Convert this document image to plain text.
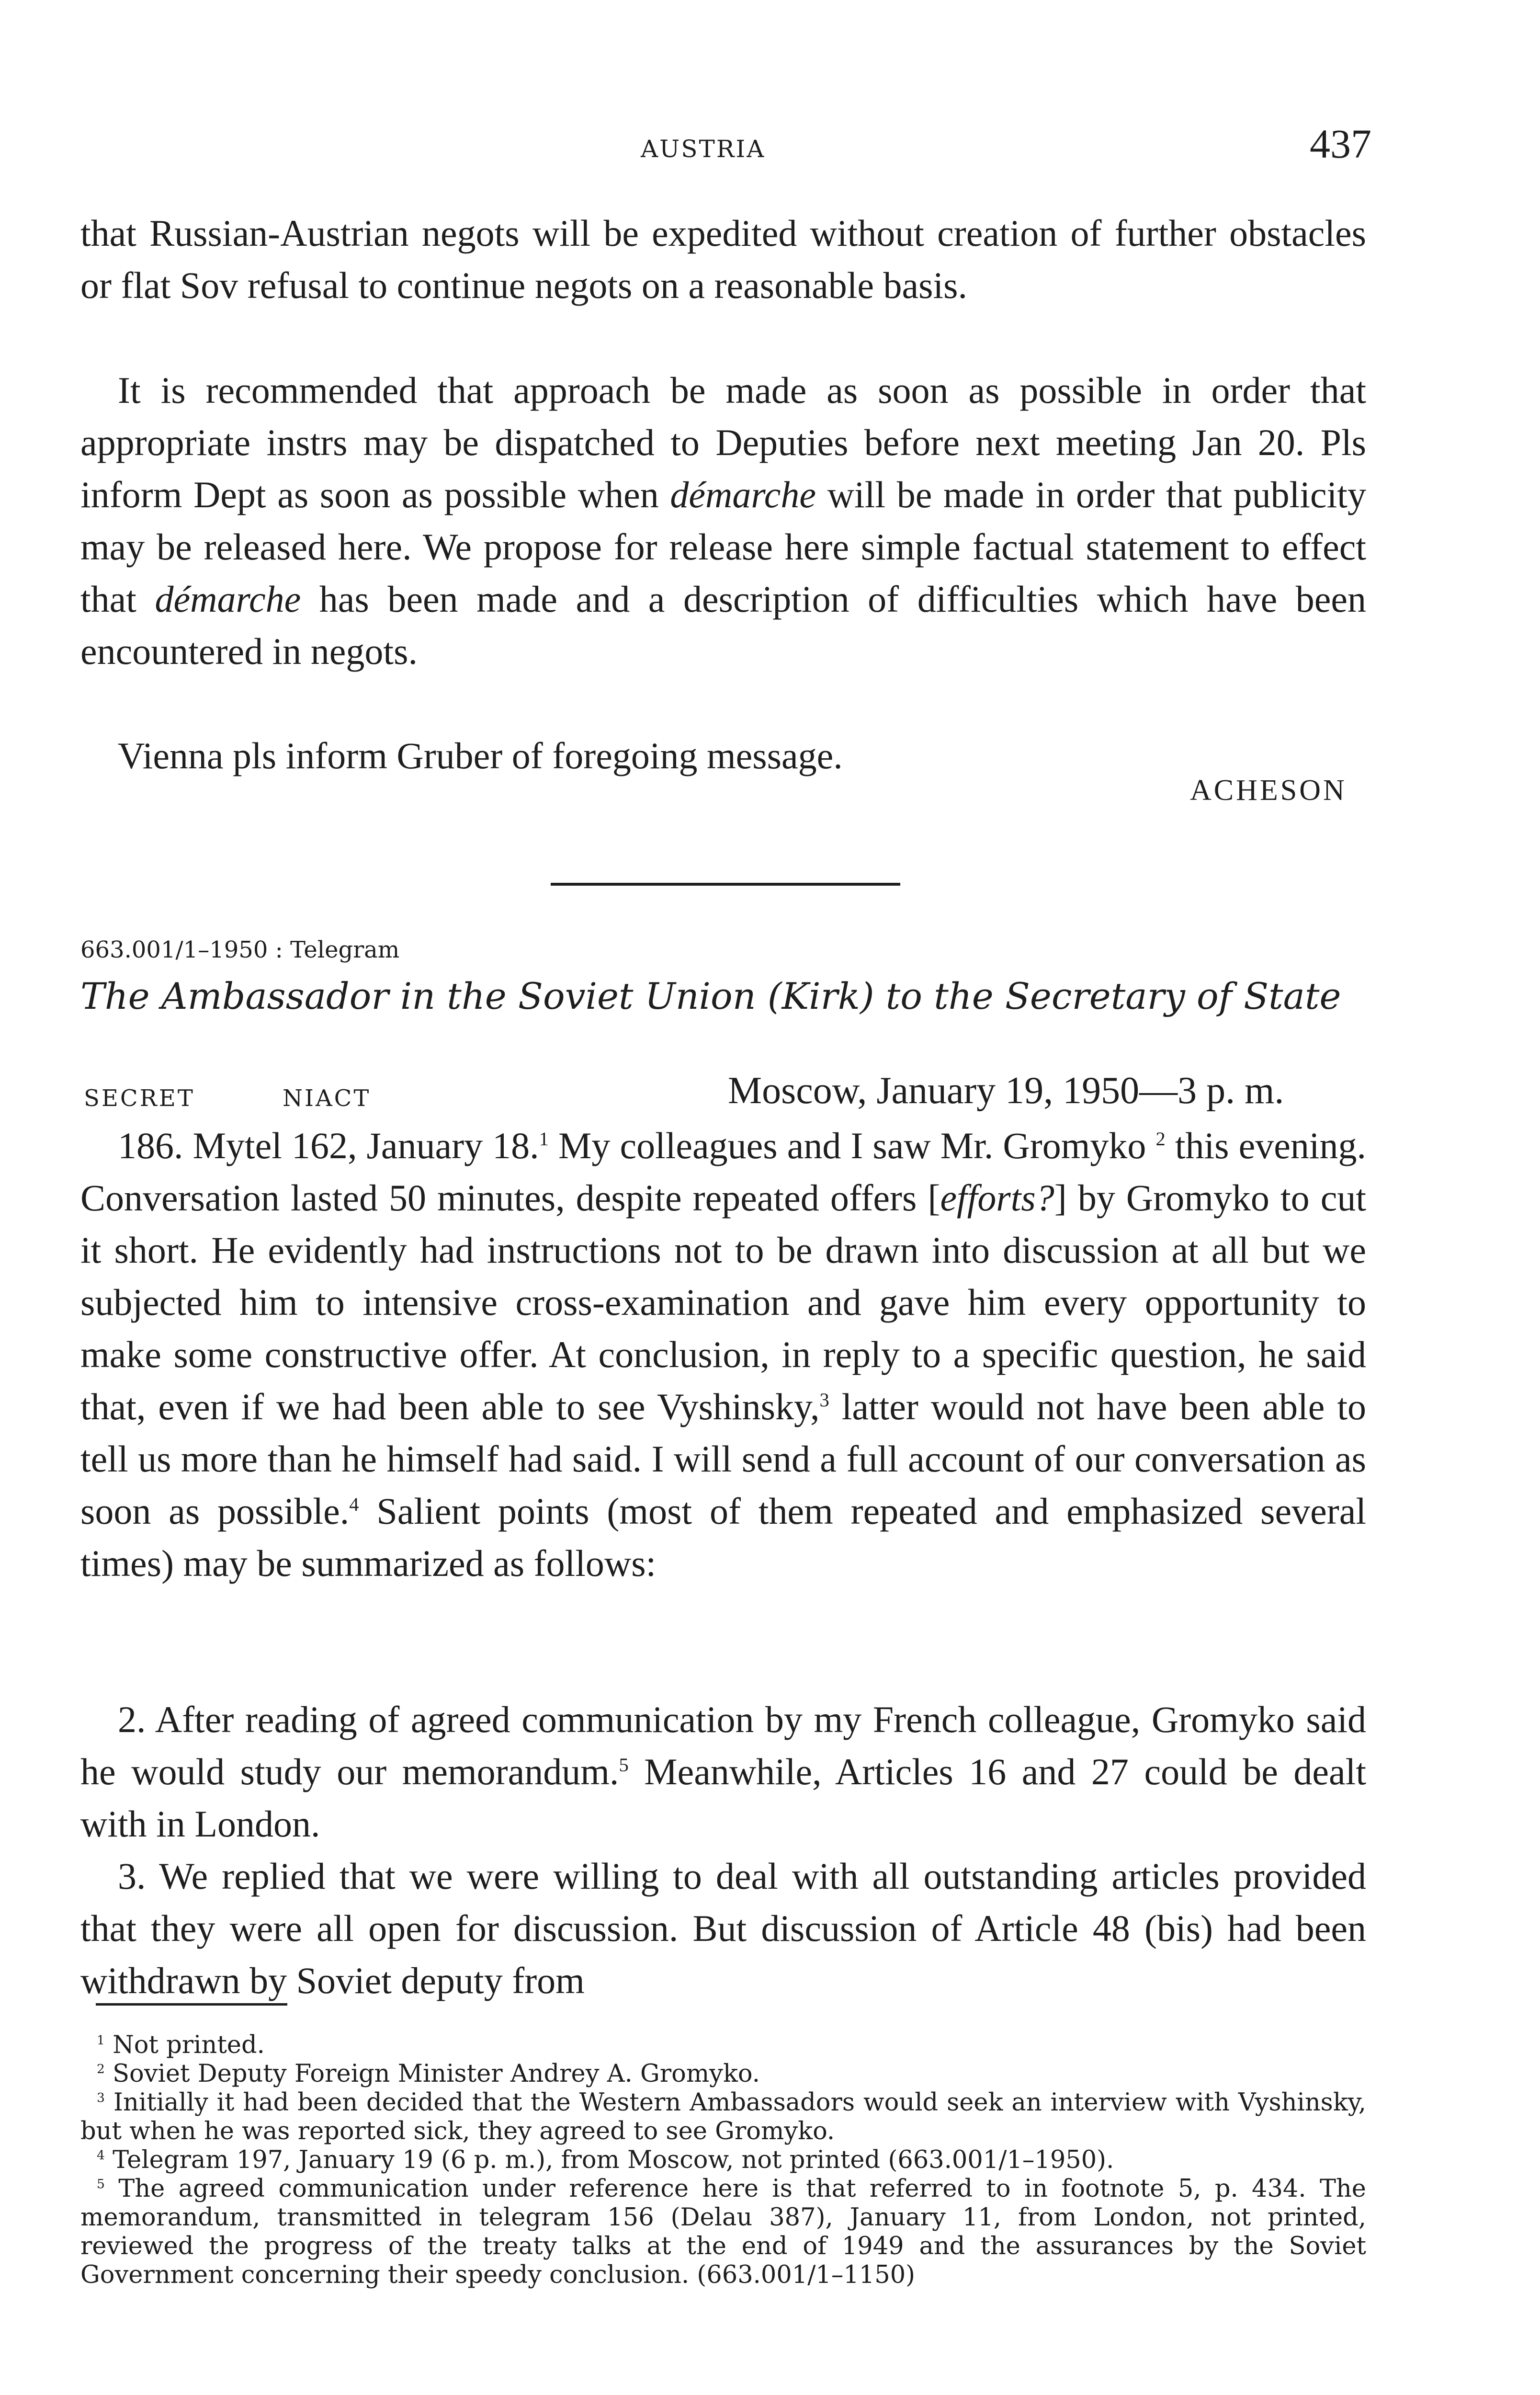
AUSTRIA	437

that Russian-Austrian negots will be expedited without creation of further obstacles or flat Sov refusal to continue negots on a reasonable basis.

It is recommended that approach be made as soon as possible in order that appropriate instrs may be dispatched to Deputies before next meeting Jan 20. Pls inform Dept as soon as possible when démarche will be made in order that publicity may be released here. We propose for release here simple factual statement to effect that démarche has been made and a description of difficulties which have been encountered in negots.

Vienna pls inform Gruber of foregoing message.

ACHESON
663.001/1–1950 : Telegram
The Ambassador in the Soviet Union (Kirk) to the Secretary of State
SECRET	NIACT	Moscow, January 19, 1950—3 p. m.

186. Mytel 162, January 18.$^1$ My colleagues and I saw Mr. Gromyko $^2$ this evening. Conversation lasted 50 minutes, despite repeated offers [efforts?] by Gromyko to cut it short. He evidently had instructions not to be drawn into discussion at all but we subjected him to intensive cross-examination and gave him every opportunity to make some constructive offer. At conclusion, in reply to a specific question, he said that, even if we had been able to see Vyshinsky,$^3$ latter would not have been able to tell us more than he himself had said. I will send a full account of our conversation as soon as possible.$^4$ Salient points (most of them repeated and emphasized several times) may be summarized as follows:

2. After reading of agreed communication by my French colleague, Gromyko said he would study our memorandum.$^5$ Meanwhile, Articles 16 and 27 could be dealt with in London.

3. We replied that we were willing to deal with all outstanding articles provided that they were all open for discussion. But discussion of Article 48 (bis) had been withdrawn by Soviet deputy from

$^1$ Not printed.

$^2$ Soviet Deputy Foreign Minister Andrey A. Gromyko.

$^3$ Initially it had been decided that the Western Ambassadors would seek an interview with Vyshinsky, but when he was reported sick, they agreed to see Gromyko.

$^4$ Telegram 197, January 19 (6 p. m.), from Moscow, not printed (663.001/1–1950).

$^5$ The agreed communication under reference here is that referred to in footnote 5, p. 434. The memorandum, transmitted in telegram 156 (Delau 387), January 11, from London, not printed, reviewed the progress of the treaty talks at the end of 1949 and the assurances by the Soviet Government concerning their speedy conclusion. (663.001/1–1150)
